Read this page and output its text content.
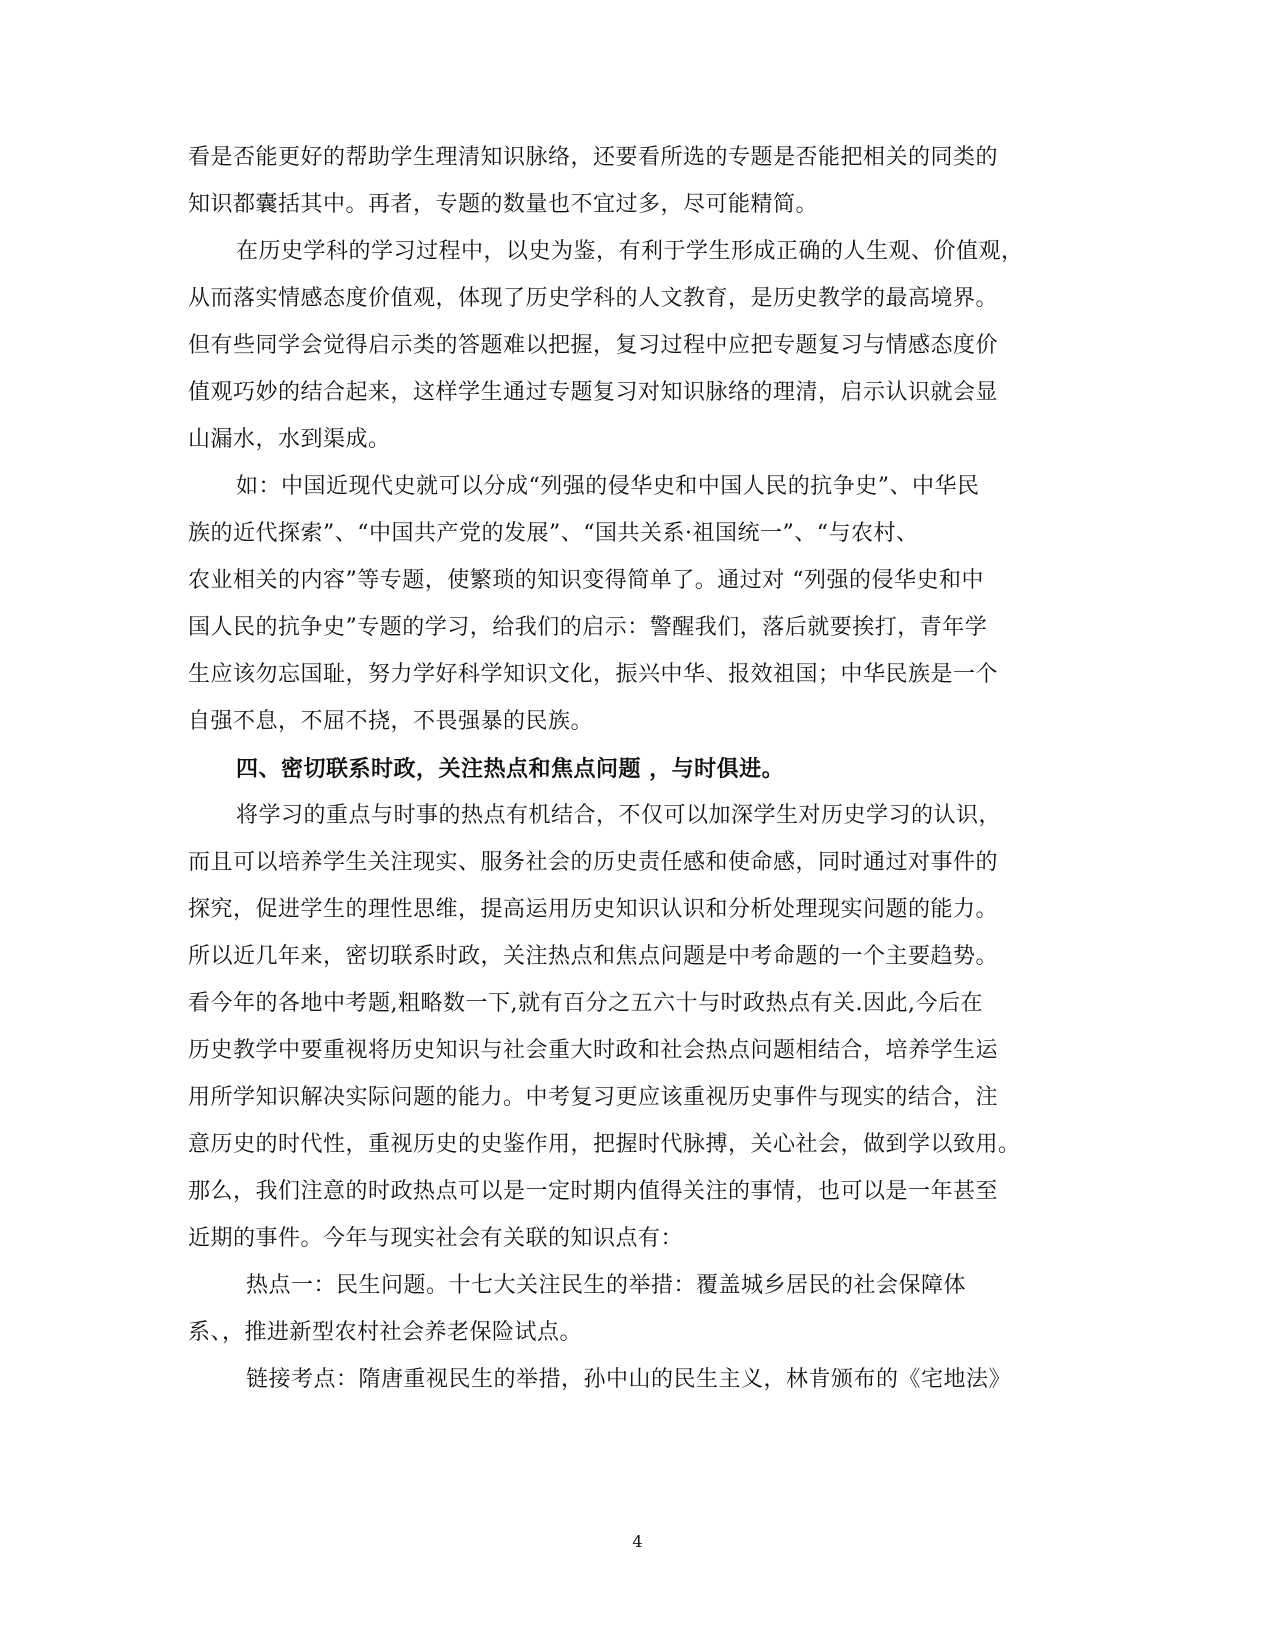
看是否能更好的帮助学生理清知识脉络，还要看所选的专题是否能把相关的同类的
知识都囊括其中。再者，专题的数量也不宜过多，尽可能精简。
在历史学科的学习过程中，以史为鉴，有利于学生形成正确的人生观、价值观，
从而落实情感态度价值观，体现了历史学科的人文教育，是历史教学的最高境界。
但有些同学会觉得启示类的答题难以把握，复习过程中应把专题复习与情感态度价
值观巧妙的结合起来，这样学生通过专题复习对知识脉络的理清，启示认识就会显
山漏水，水到渠成。
如：中国近现代史就可以分成“列强的侵华史和中国人民的抗争史”、中华民
族的近代探索”、“中国共产党的发展”、“国共关系·祖国统一”、“与农村、
农业相关的内容”等专题，使繁琐的知识变得简单了。通过对 “列强的侵华史和中
国人民的抗争史”专题的学习，给我们的启示：警醒我们，落后就要挨打，青年学
生应该勿忘国耻，努力学好科学知识文化，振兴中华、报效祖国；中华民族是一个
自强不息，不屈不挠，不畏强暴的民族。
四、密切联系时政，关注热点和焦点问题 ，与时俱进。
将学习的重点与时事的热点有机结合，不仅可以加深学生对历史学习的认识，
而且可以培养学生关注现实、服务社会的历史责任感和使命感，同时通过对事件的
探究，促进学生的理性思维，提高运用历史知识认识和分析处理现实问题的能力。
所以近几年来，密切联系时政，关注热点和焦点问题是中考命题的一个主要趋势。
看今年的各地中考题,粗略数一下,就有百分之五六十与时政热点有关.因此,今后在
历史教学中要重视将历史知识与社会重大时政和社会热点问题相结合，培养学生运
用所学知识解决实际问题的能力。中考复习更应该重视历史事件与现实的结合，注
意历史的时代性，重视历史的史鉴作用，把握时代脉搏，关心社会，做到学以致用。
那么，我们注意的时政热点可以是一定时期内值得关注的事情，也可以是一年甚至
近期的事件。今年与现实社会有关联的知识点有：
热点一：民生问题。十七大关注民生的举措：覆盖城乡居民的社会保障体
系、，推进新型农村社会养老保险试点。
链接考点：隋唐重视民生的举措，孙中山的民生主义，林肯颁布的《宅地法》
4
